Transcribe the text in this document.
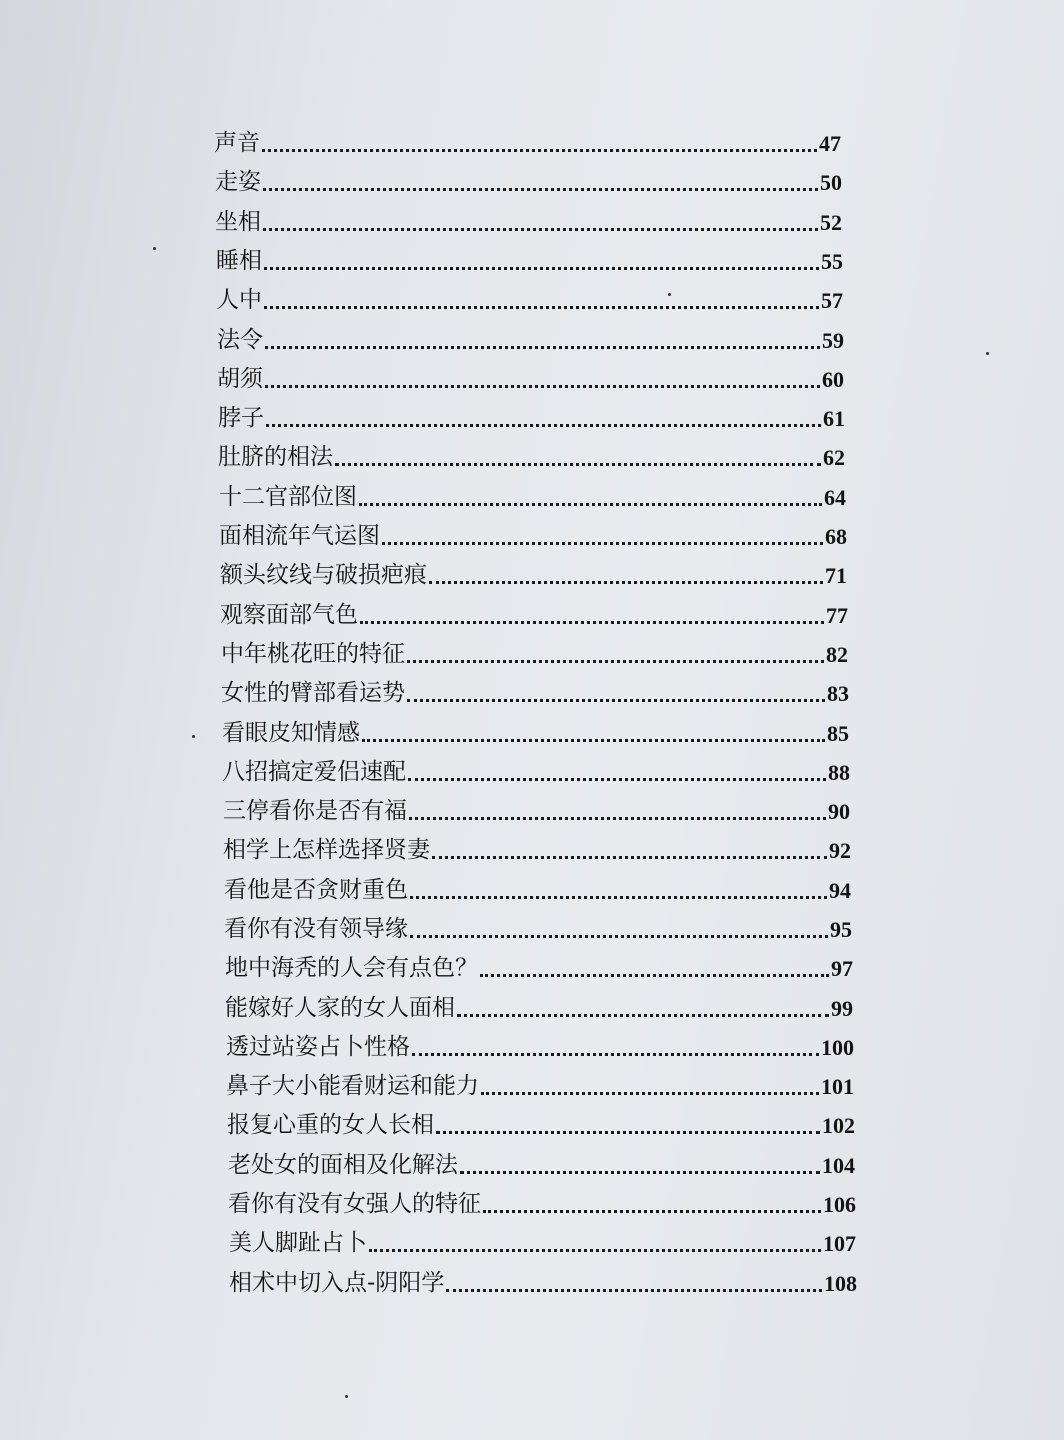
声音	47
走姿	50
坐相	52
睡相	55
人中	57
法令	59
胡须	60
脖子	61
肚脐的相法	62
十二官部位图	64
面相流年气运图	68
额头纹线与破损疤痕	71
观察面部气色	77
中年桃花旺的特征	82
女性的臂部看运势	83
看眼皮知情感	85
八招搞定爱侣速配	88
三停看你是否有福	90
相学上怎样选择贤妻	92
看他是否贪财重色	94
看你有没有领导缘	95
地中海秃的人会有点色？	97
能嫁好人家的女人面相	99
透过站姿占卜性格	100
鼻子大小能看财运和能力	101
报复心重的女人长相	102
老处女的面相及化解法	104
看你有没有女强人的特征	106
美人脚趾占卜	107
相术中切入点-阴阳学	108
